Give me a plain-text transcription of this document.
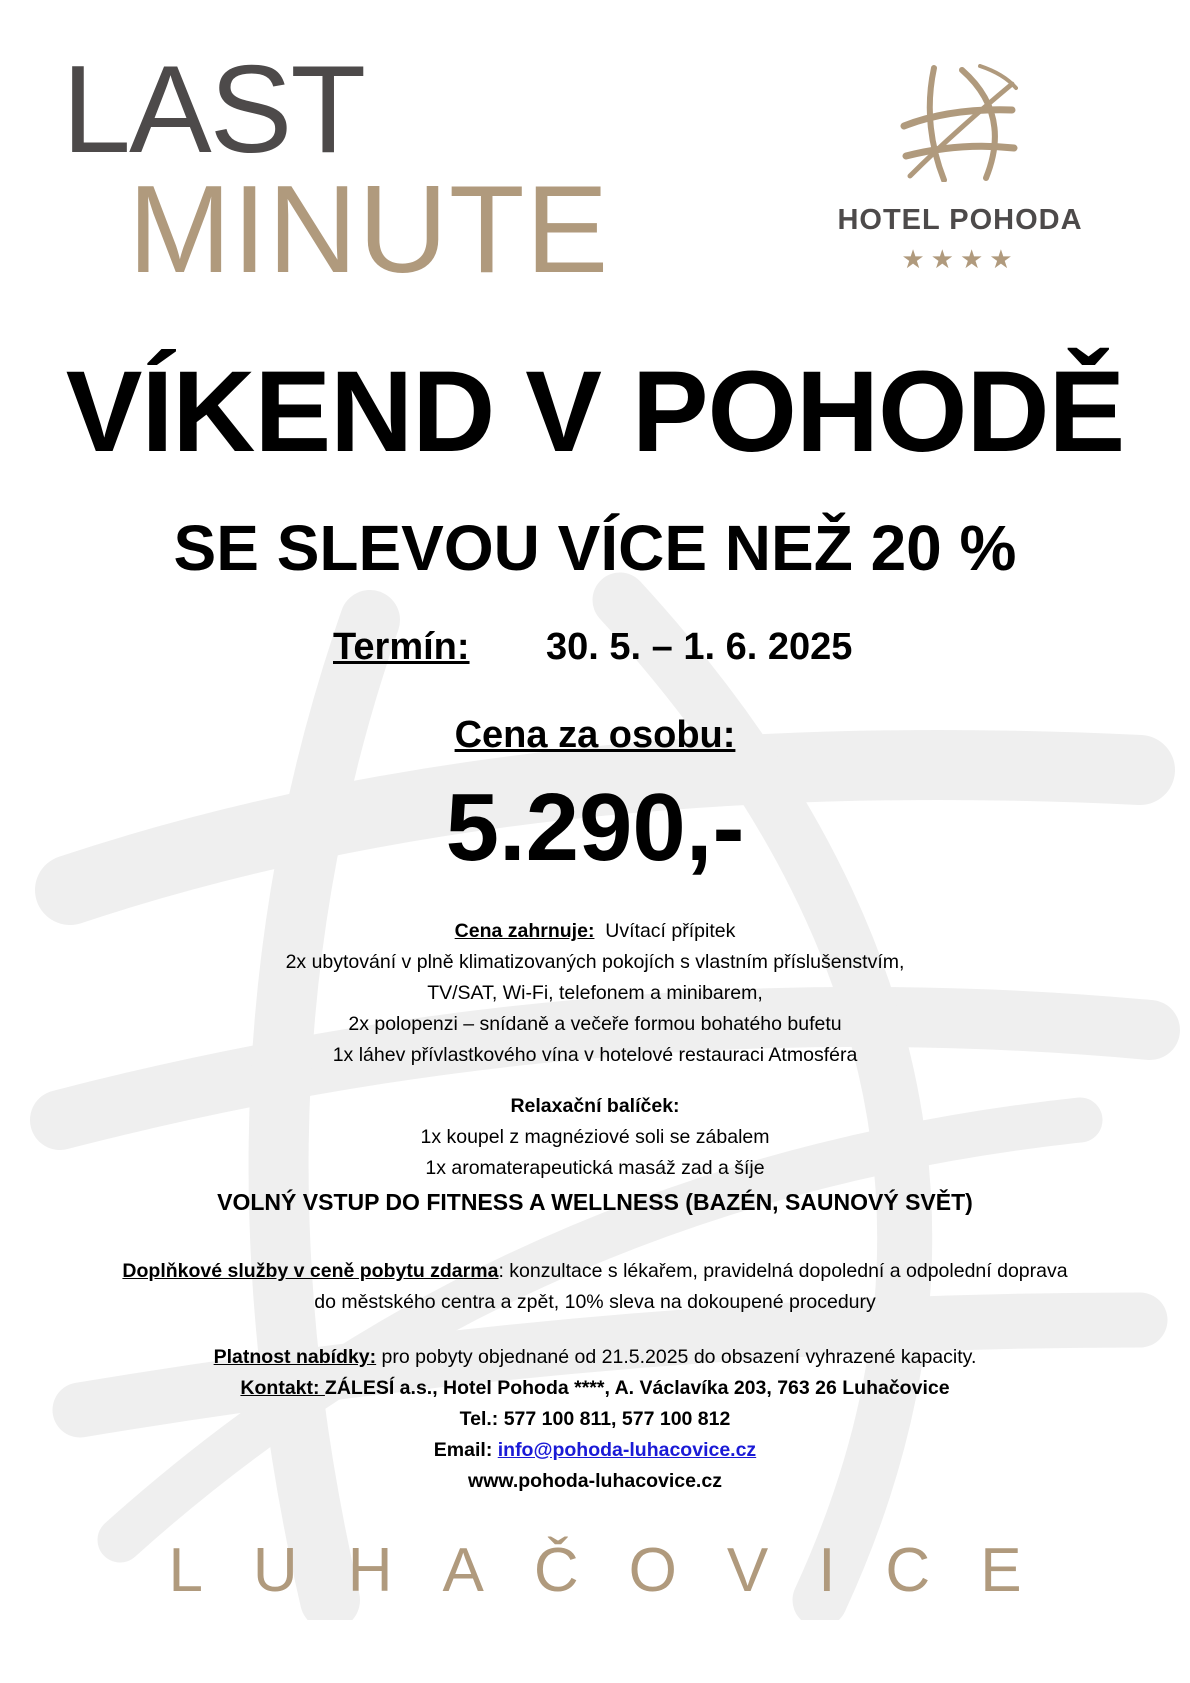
LAST
MINUTE	HOTEL POHODA
★★★★
VÍKEND V POHODĚ
SE SLEVOU VÍCE NEŽ 20 %
Termín: 30. 5. – 1. 6. 2025
Cena za osobu:
5.290,-
Cena zahrnuje: Uvítací přípitek
2x ubytování v plně klimatizovaných pokojích s vlastním příslušenstvím,
TV/SAT, Wi-Fi, telefonem a minibarem,
2x polopenzi – snídaně a večeře formou bohatého bufetu
1x láhev přívlastkového vína v hotelové restauraci Atmosféra
Relaxační balíček:
1x koupel z magnéziové soli se zábalem
1x aromaterapeutická masáž zad a šíje
VOLNÝ VSTUP DO FITNESS A WELLNESS (BAZÉN, SAUNOVÝ SVĚT)
Doplňkové služby v ceně pobytu zdarma: konzultace s lékařem, pravidelná dopolední a odpolední doprava
do městského centra a zpět, 10% sleva na dokoupené procedury
Platnost nabídky: pro pobyty objednané od 21.5.2025 do obsazení vyhrazené kapacity.
Kontakt: ZÁLESÍ a.s., Hotel Pohoda ****, A. Václavíka 203, 763 26 Luhačovice
Tel.: 577 100 811, 577 100 812
Email: info@pohoda-luhacovice.cz
www.pohoda-luhacovice.cz
LUHAČOVICE
